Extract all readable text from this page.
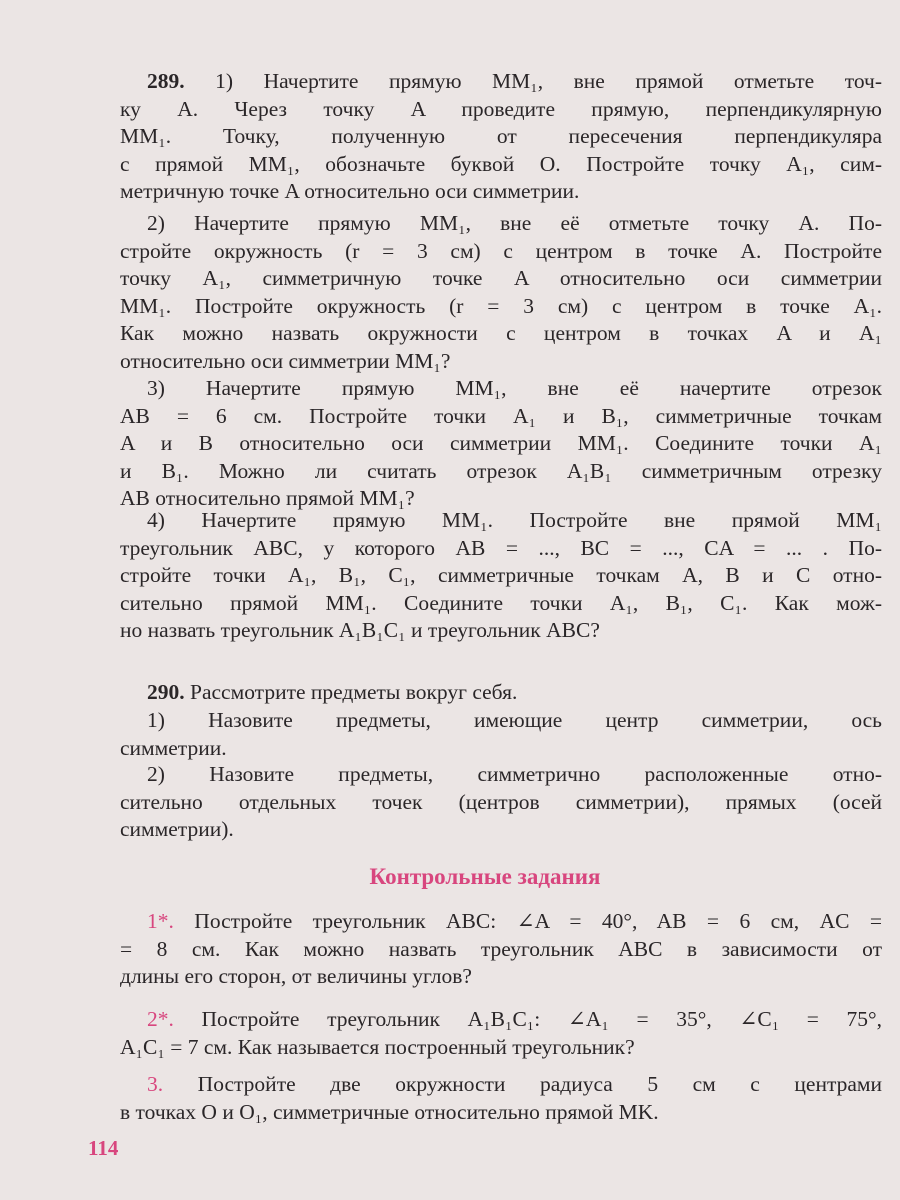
289. 1) Начертите прямую MM₁, вне прямой отметьте точ-
ку A. Через точку A проведите прямую, перпендикулярную
MM₁. Точку, полученную от пересечения перпендикуляра
с прямой MM₁, обозначьте буквой O. Постройте точку A₁, сим-
метричную точке A относительно оси симметрии.
2) Начертите прямую MM₁, вне её отметьте точку A. По-
стройте окружность (r = 3 см) с центром в точке A. Постройте
точку A₁, симметричную точке A относительно оси симметрии
MM₁. Постройте окружность (r = 3 см) с центром в точке A₁.
Как можно назвать окружности с центром в точках A и A₁
относительно оси симметрии MM₁?
3) Начертите прямую MM₁, вне её начертите отрезок
AB = 6 см. Постройте точки A₁ и B₁, симметричные точкам
A и B относительно оси симметрии MM₁. Соедините точки A₁
и B₁. Можно ли считать отрезок A₁B₁ симметричным отрезку
AB относительно прямой MM₁?
4) Начертите прямую MM₁. Постройте вне прямой MM₁
треугольник ABC, у которого AB = ..., BC = ..., CA = ... . По-
стройте точки A₁, B₁, C₁, симметричные точкам A, B и C отно-
сительно прямой MM₁. Соедините точки A₁, B₁, C₁. Как мож-
но назвать треугольник A₁B₁C₁ и треугольник ABC?
290. Рассмотрите предметы вокруг себя.
1) Назовите предметы, имеющие центр симметрии, ось
симметрии.
2) Назовите предметы, симметрично расположенные отно-
сительно отдельных точек (центров симметрии), прямых (осей
симметрии).
1*. Постройте треугольник ABC: ∠A = 40°, AB = 6 см, AC =
= 8 см. Как можно назвать треугольник ABC в зависимости от
длины его сторон, от величины углов?
2*. Постройте треугольник A₁B₁C₁: ∠A₁ = 35°, ∠C₁ = 75°,
A₁C₁ = 7 см. Как называется построенный треугольник?
3. Постройте две окружности радиуса 5 см с центрами
в точках O и O₁, симметричные относительно прямой MK.
Контрольные задания
114
